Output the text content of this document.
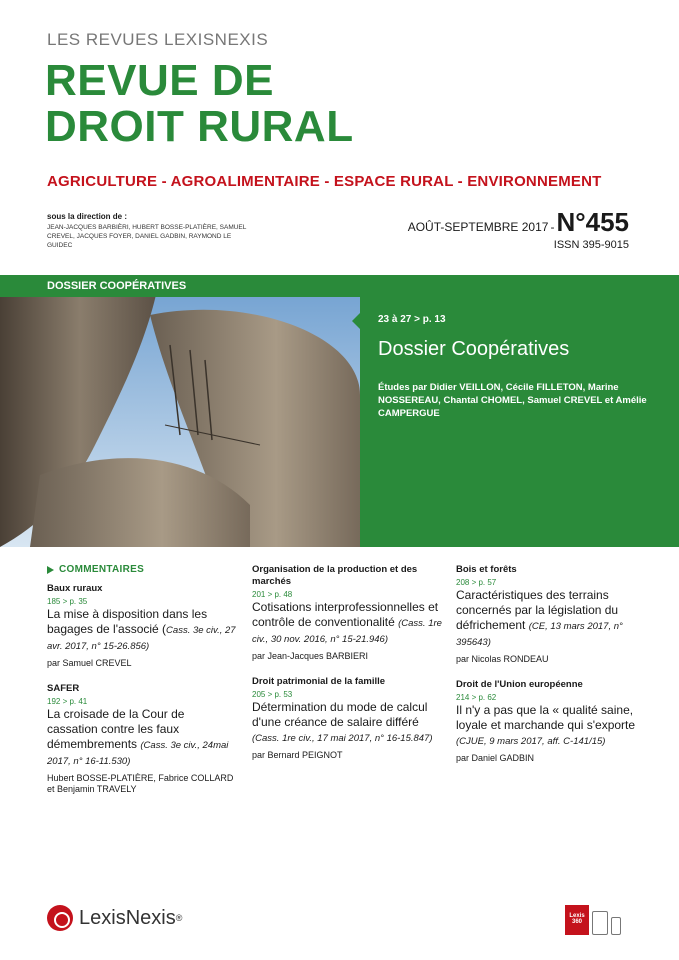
LES REVUES LEXISNEXIS
REVUE DE
DROIT RURAL
AGRICULTURE - AGROALIMENTAIRE - ESPACE RURAL - ENVIRONNEMENT
sous la direction de :
JEAN-JACQUES BARBIÈRI, HUBERT BOSSE-PLATIÈRE, SAMUEL CREVEL, JACQUES FOYER, DANIEL GADBIN, RAYMOND LE GUIDEC
AOÛT-SEPTEMBRE 2017 - N°455
ISSN 395-9015
DOSSIER COOPÉRATIVES
23 à 27 > p. 13
Dossier Coopératives
Études par Didier VEILLON, Cécile FILLETON, Marine NOSSEREAU, Chantal CHOMEL, Samuel CREVEL et Amélie CAMPERGUE
COMMENTAIRES
Baux ruraux
185 > p. 35
La mise à disposition dans les bagages de l'associé (Cass. 3e civ., 27 avr. 2017, n° 15-26.856)
par Samuel CREVEL
SAFER
192 > p. 41
La croisade de la Cour de cassation contre les faux démembrements (Cass. 3e civ., 24mai 2017, n° 16-11.530)
Hubert BOSSE-PLATIÈRE, Fabrice COLLARD et Benjamin TRAVELY
Organisation de la production et des marchés
201 > p. 48
Cotisations interprofessionnelles et contrôle de conventionalité (Cass. 1re civ., 30 nov. 2016, n° 15-21.946)
par Jean-Jacques BARBIERI
Droit patrimonial de la famille
205 > p. 53
Détermination du mode de calcul d'une créance de salaire différé (Cass. 1re civ., 17 mai 2017, n° 16-15.847)
par Bernard PEIGNOT
Bois et forêts
208 > p. 57
Caractéristiques des terrains concernés par la législation du défrichement (CE, 13 mars 2017, n° 395643)
par Nicolas RONDEAU
Droit de l'Union européenne
214 > p. 62
Il n'y a pas que la « qualité saine, loyale et marchande qui s'exporte (CJUE, 9 mars 2017, aff. C-141/15)
par Daniel GADBIN
LexisNexis ®	Lexis
360
